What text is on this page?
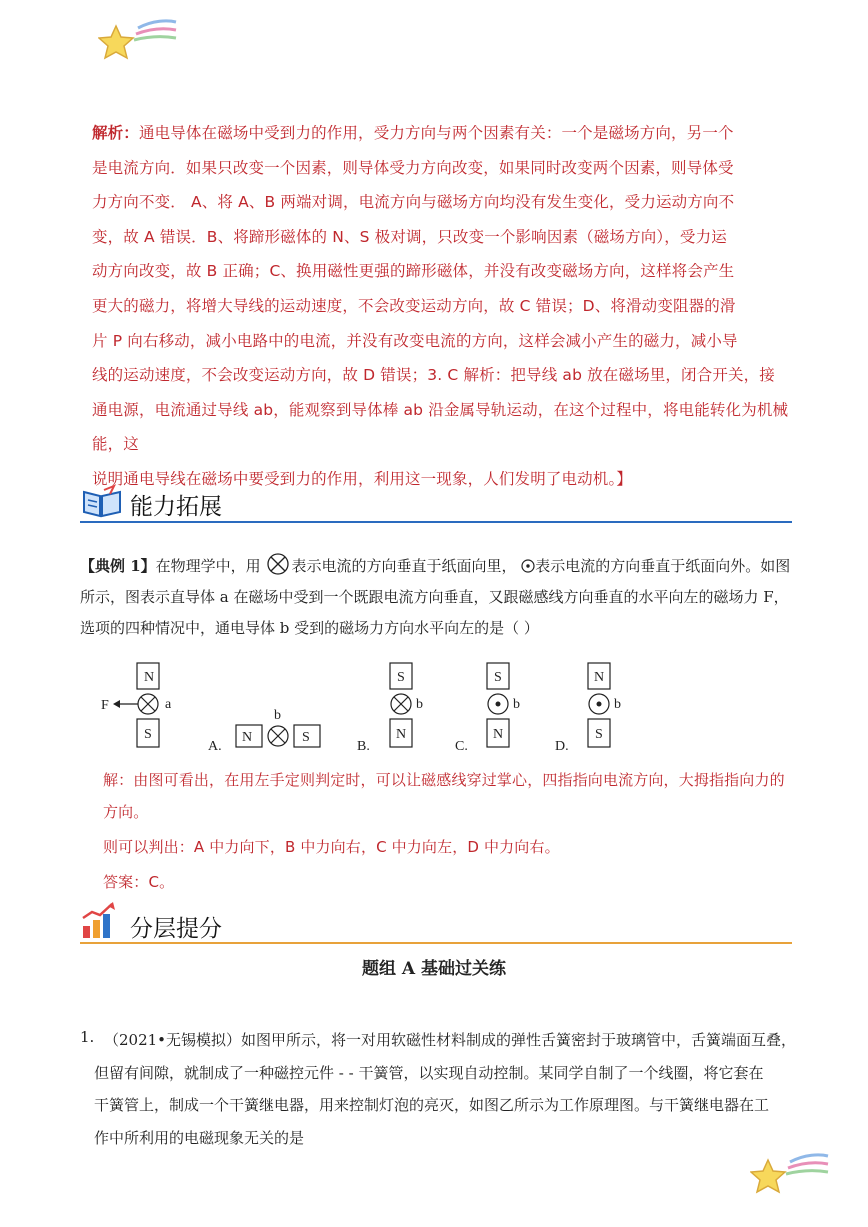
解析：通电导体在磁场中受到力的作用，受力方向与两个因素有关：一个是磁场方向，另一个
是电流方向．如果只改变一个因素，则导体受力方向改变，如果同时改变两个因素，则导体受
力方向不变． A、将 A、B 两端对调，电流方向与磁场方向均没有发生变化，受力运动方向不
变，故 A 错误．B、将蹄形磁体的 N、S 极对调，只改变一个影响因素（磁场方向），受力运
动方向改变，故 B 正确；C、换用磁性更强的蹄形磁体，并没有改变磁场方向，这样将会产生
更大的磁力，将增大导线的运动速度，不会改变运动方向，故 C 错误；D、将滑动变阻器的滑
片 P 向右移动，减小电路中的电流，并没有改变电流的方向，这样会减小产生的磁力，减小导
线的运动速度，不会改变运动方向，故 D 错误；3. C 解析：把导线 ab 放在磁场里，闭合开关，接
通电源，电流通过导线 ab，能观察到导体棒 ab 沿金属导轨运动，在这个过程中，将电能转化为机械能，这
说明通电导线在磁场中要受到力的作用，利用这一现象，人们发明了电动机。】
能力拓展
【典例 1】在物理学中，用 表示电流的方向垂直于纸面向里， 表示电流的方向垂直于纸面向外。如图
所示，图表示直导体 a 在磁场中受到一个既跟电流方向垂直，又跟磁感线方向垂直的水平向左的磁场力 F，
选项的四种情况中，通电导体 b 受到的磁场力方向水平向左的是（ ）
N
a
F
S	N
b
S
A.
S
b
N
B.
S
b
N
C.
N
b
S
D.
解：由图可看出，在用左手定则判定时，可以让磁感线穿过掌心，四指指向电流方向，大拇指指向力的
方向。
则可以判出：A 中力向下，B 中力向右，C 中力向左，D 中力向右。
答案：C。
分层提分
题组 A 基础过关练
1. （2021•无锡模拟）如图甲所示，将一对用软磁性材料制成的弹性舌簧密封于玻璃管中，舌簧端面互叠，
但留有间隙，就制成了一种磁控元件 - - 干簧管，以实现自动控制。某同学自制了一个线圈，将它套在
干簧管上，制成一个干簧继电器，用来控制灯泡的亮灭，如图乙所示为工作原理图。与干簧继电器在工
作中所利用的电磁现象无关的是
